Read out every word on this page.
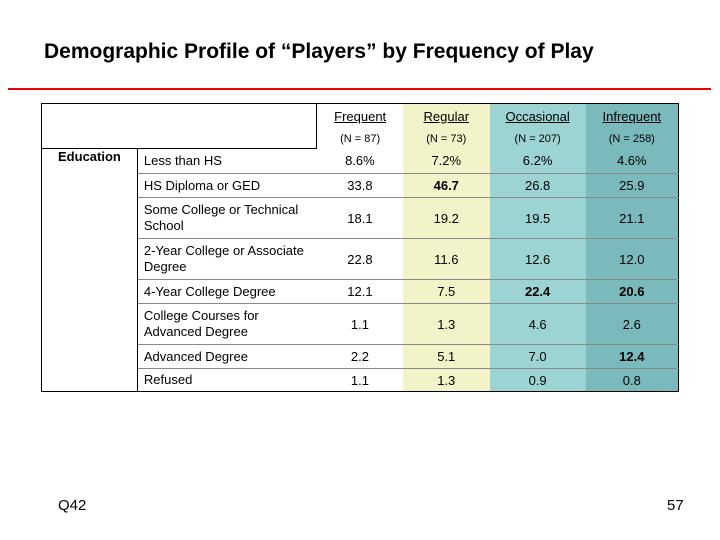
Demographic Profile of “Players” by Frequency of Play
		Frequent	Regular	Occasional	Infrequent
		(N = 87)	(N = 73)	(N = 207)	(N = 258)

Education	Less than HS	8.6%	7.2%	6.2%	4.6%
	HS Diploma or GED	33.8	46.7	26.8	25.9
	Some College or Technical School	18.1	19.2	19.5	21.1
	2-Year College or Associate Degree	22.8	11.6	12.6	12.0
	4-Year College Degree	12.1	7.5	22.4	20.6
	College Courses for Advanced Degree	1.1	1.3	4.6	2.6
	Advanced Degree	2.2	5.1	7.0	12.4
	Refused	1.1	1.3	0.9	0.8
Q42	57
